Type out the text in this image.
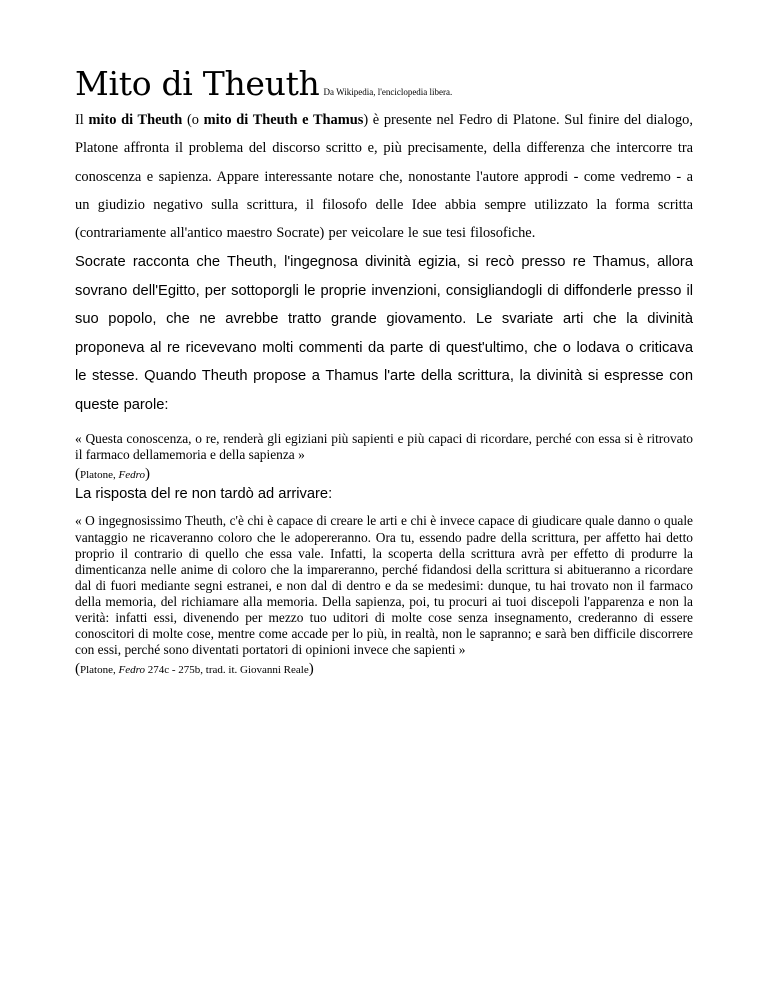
Mito di Theuth Da Wikipedia, l'enciclopedia libera.

Il mito di Theuth (o mito di Theuth e Thamus) è presente nel Fedro di Platone. Sul finire del dialogo, Platone affronta il problema del discorso scritto e, più precisamente, della differenza che intercorre tra conoscenza e sapienza. Appare interessante notare che, nonostante l'autore approdi - come vedremo - a un giudizio negativo sulla scrittura, il filosofo delle Idee abbia sempre utilizzato la forma scritta (contrariamente all'antico maestro Socrate) per veicolare le sue tesi filosofiche.

Socrate racconta che Theuth, l'ingegnosa divinità egizia, si recò presso re Thamus, allora sovrano dell'Egitto, per sottoporgli le proprie invenzioni, consigliandogli di diffonderle presso il suo popolo, che ne avrebbe tratto grande giovamento. Le svariate arti che la divinità proponeva al re ricevevano molti commenti da parte di quest'ultimo, che o lodava o criticava le stesse. Quando Theuth propose a Thamus l'arte della scrittura, la divinità si espresse con queste parole:

« Questa conoscenza, o re, renderà gli egiziani più sapienti e più capaci di ricordare, perché con essa si è ritrovato il farmaco dellamemoria e della sapienza »

(Platone, Fedro)

La risposta del re non tardò ad arrivare:

« O ingegnosissimo Theuth, c'è chi è capace di creare le arti e chi è invece capace di giudicare quale danno o quale vantaggio ne ricaveranno coloro che le adopereranno. Ora tu, essendo padre della scrittura, per affetto hai detto proprio il contrario di quello che essa vale. Infatti, la scoperta della scrittura avrà per effetto di produrre la dimenticanza nelle anime di coloro che la impareranno, perché fidandosi della scrittura si abitueranno a ricordare dal di fuori mediante segni estranei, e non dal di dentro e da se medesimi: dunque, tu hai trovato non il farmaco della memoria, del richiamare alla memoria. Della sapienza, poi, tu procuri ai tuoi discepoli l'apparenza e non la verità: infatti essi, divenendo per mezzo tuo uditori di molte cose senza insegnamento, crederanno di essere conoscitori di molte cose, mentre come accade per lo più, in realtà, non le sapranno; e sarà ben difficile discorrere con essi, perché sono diventati portatori di opinioni invece che sapienti »

(Platone, Fedro 274c - 275b, trad. it. Giovanni Reale)
